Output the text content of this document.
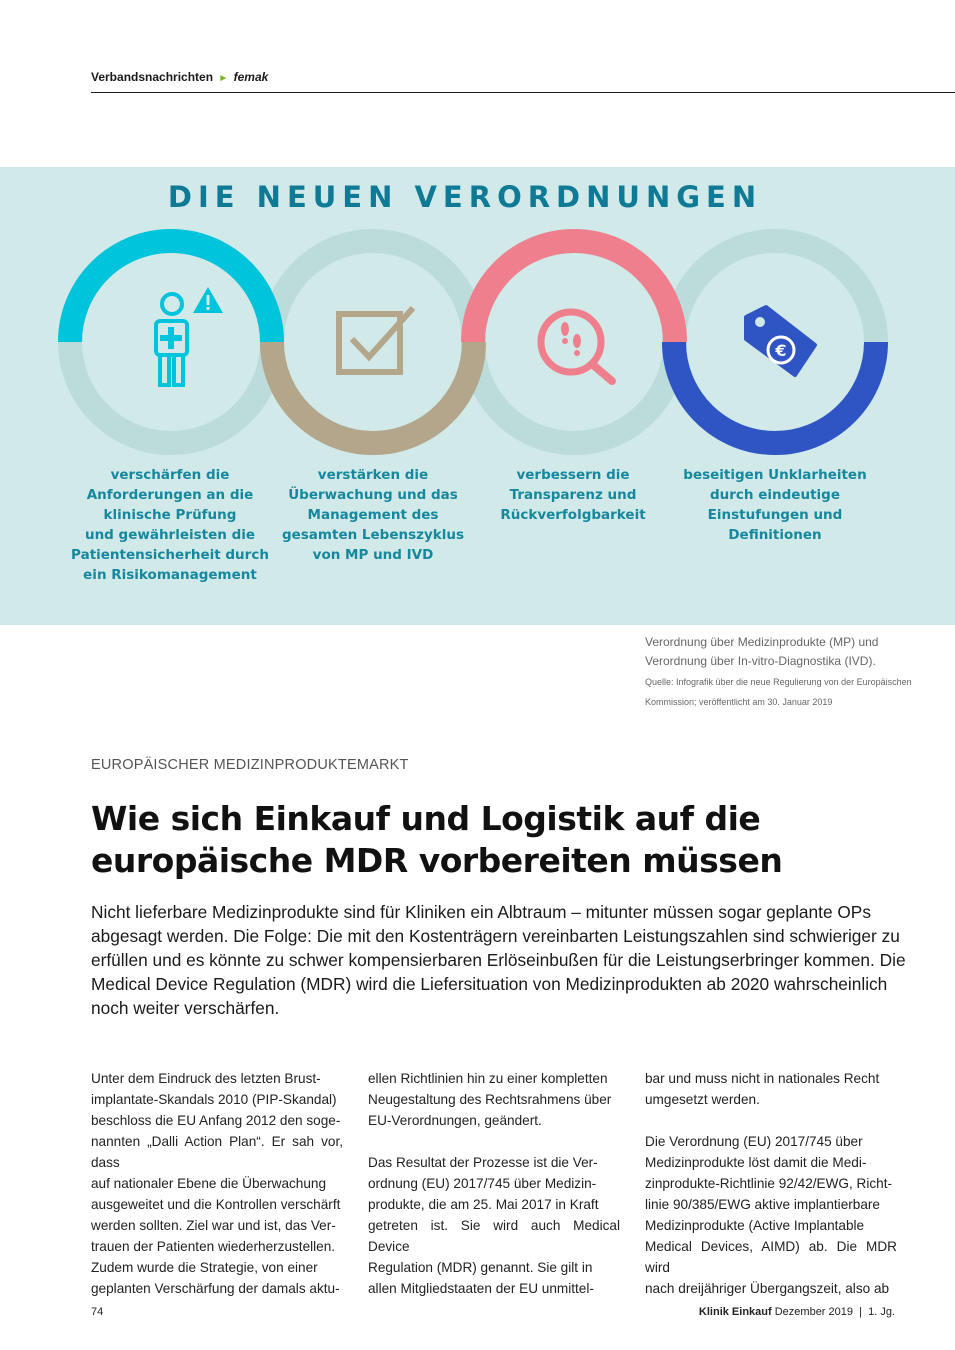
Verbandsnachrichten ► femak
DIE NEUEN VERORDNUNGEN
€
verschärfen die
Anforderungen an die
klinische Prüfung
und gewährleisten die
Patientensicherheit durch
ein Risikomanagement
verstärken die
Überwachung und das
Management des
gesamten Lebenszyklus
von MP und IVD
verbessern die
Transparenz und
Rückverfolgbarkeit
beseitigen Unklarheiten
durch eindeutige
Einstufungen und
Definitionen
Verordnung über Medizinprodukte (MP) und Verordnung über In-vitro-Diagnostika (IVD).
Quelle: Infografik über die neue Regulierung von der Europäischen Kommission; veröffentlicht am 30. Januar 2019
EUROPÄISCHER MEDIZINPRODUKTEMARKT
Wie sich Einkauf und Logistik auf die europäische MDR vorbereiten müssen
Nicht lieferbare Medizinprodukte sind für Kliniken ein Albtraum – mitunter müssen sogar geplante OPs abgesagt werden. Die Folge: Die mit den Kostenträgern vereinbarten Leistungszahlen sind schwieriger zu erfüllen und es könnte zu schwer kompensierbaren Erlöseinbußen für die Leistungserbringer kommen. Die Medical Device Regulation (MDR) wird die Liefersituation von Medizinprodukten ab 2020 wahrscheinlich noch weiter verschärfen.

Unter dem Eindruck des letzten Brust-
implantate-Skandals 2010 (PIP-Skandal)
beschloss die EU Anfang 2012 den soge-
nannten „Dalli Action Plan“. Er sah vor, dass
auf nationaler Ebene die Überwachung
ausgeweitet und die Kontrollen verschärft
werden sollten. Ziel war und ist, das Ver-
trauen der Patienten wiederherzustellen.
Zudem wurde die Strategie, von einer
geplanten Verschärfung der damals aktu-

ellen Richtlinien hin zu einer kompletten
Neugestaltung des Rechtsrahmens über
EU-Verordnungen, geändert.

Das Resultat der Prozesse ist die Ver-
ordnung (EU) 2017/745 über Medizin-
produkte, die am 25. Mai 2017 in Kraft
getreten ist. Sie wird auch Medical Device
Regulation (MDR) genannt. Sie gilt in
allen Mitgliedstaaten der EU unmittel-

bar und muss nicht in nationales Recht
umgesetzt werden.

Die Verordnung (EU) 2017/745 über
Medizinprodukte löst damit die Medi-
zinprodukte-Richtlinie 92/42/EWG, Richt-
linie 90/385/EWG aktive implantierbare
Medizinprodukte (Active Implantable
Medical Devices, AIMD) ab. Die MDR wird
nach dreijähriger Übergangszeit, also ab

74	Klinik Einkauf Dezember 2019  |  1. Jg.
